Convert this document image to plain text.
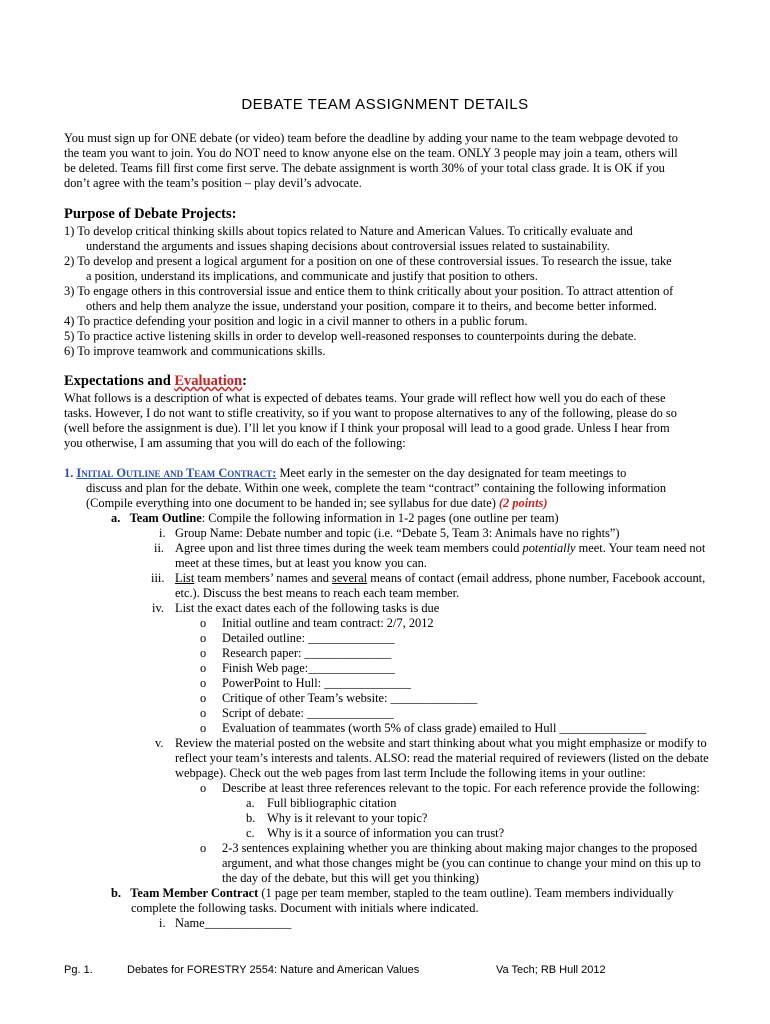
DEBATE TEAM ASSIGNMENT DETAILS
You must sign up for ONE debate (or video) team before the deadline by adding your name to the team webpage devoted to
the team you want to join. You do NOT need to know anyone else on the team. ONLY 3 people may join a team, others will
be deleted. Teams fill first come first serve. The debate assignment is worth 30% of your total class grade. It is OK if you
don’t agree with the team’s position – play devil’s advocate.
Purpose of Debate Projects:
1) To develop critical thinking skills about topics related to Nature and American Values. To critically evaluate and
understand the arguments and issues shaping decisions about controversial issues related to sustainability.
2) To develop and present a logical argument for a position on one of these controversial issues. To research the issue, take
a position, understand its implications, and communicate and justify that position to others.
3) To engage others in this controversial issue and entice them to think critically about your position. To attract attention of
others and help them analyze the issue, understand your position, compare it to theirs, and become better informed.
4) To practice defending your position and logic in a civil manner to others in a public forum.
5) To practice active listening skills in order to develop well-reasoned responses to counterpoints during the debate.
6) To improve teamwork and communications skills.
Expectations and Evaluation:
What follows is a description of what is expected of debates teams. Your grade will reflect how well you do each of these
tasks. However, I do not want to stifle creativity, so if you want to propose alternatives to any of the following, please do so
(well before the assignment is due). I’ll let you know if I think your proposal will lead to a good grade. Unless I hear from
you otherwise, I am assuming that you will do each of the following:
1. Initial Outline and Team Contract: Meet early in the semester on the day designated for team meetings to
discuss and plan for the debate. Within one week, complete the team “contract” containing the following information
(Compile everything into one document to be handed in; see syllabus for due date) (2 points)
a. Team Outline: Compile the following information in 1-2 pages (one outline per team)
i. Group Name: Debate number and topic (i.e. “Debate 5, Team 3: Animals have no rights”)
ii. Agree upon and list three times during the week team members could potentially meet. Your team need not
meet at these times, but at least you know you can.
iii. List team members’ names and several means of contact (email address, phone number, Facebook account,
etc.). Discuss the best means to reach each team member.
iv. List the exact dates each of the following tasks is due
o Initial outline and team contract: 2/7, 2012
o Detailed outline: ______________
o Research paper: ______________
o Finish Web page:______________
o PowerPoint to Hull: ______________
o Critique of other Team’s website: ______________
o Script of debate: ______________
o Evaluation of teammates (worth 5% of class grade) emailed to Hull ______________
v. Review the material posted on the website and start thinking about what you might emphasize or modify to
reflect your team’s interests and talents. ALSO: read the material required of reviewers (listed on the debate
webpage). Check out the web pages from last term Include the following items in your outline:
o Describe at least three references relevant to the topic. For each reference provide the following:
a. Full bibliographic citation
b. Why is it relevant to your topic?
c. Why is it a source of information you can trust?
o 2-3 sentences explaining whether you are thinking about making major changes to the proposed
argument, and what those changes might be (you can continue to change your mind on this up to
the day of the debate, but this will get you thinking)
b. Team Member Contract (1 page per team member, stapled to the team outline). Team members individually
complete the following tasks. Document with initials where indicated.
i. Name______________
Pg. 1.	Debates for FORESTRY 2554: Nature and American Values	Va Tech; RB Hull 2012
